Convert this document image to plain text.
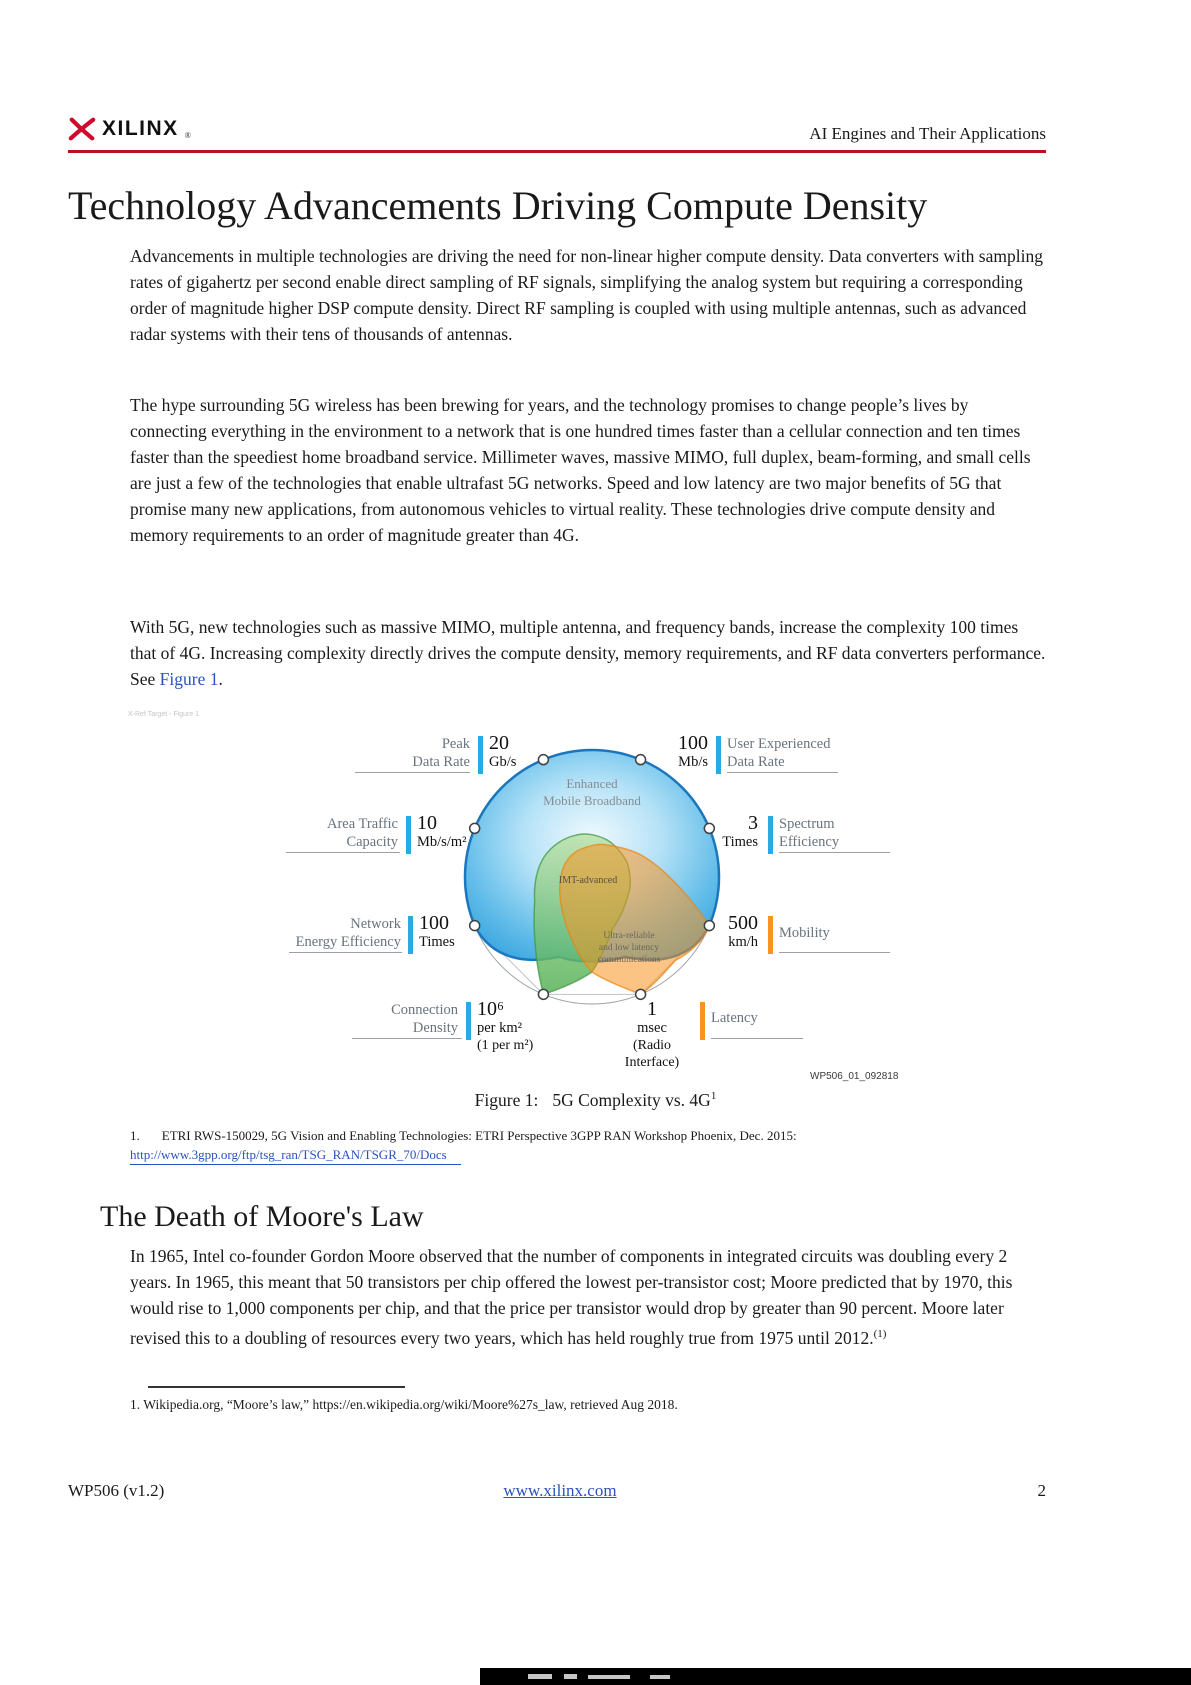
XILINX ®	AI Engines and Their Applications
Technology Advancements Driving Compute Density
Advancements in multiple technologies are driving the need for non-linear higher compute density. Data converters with sampling rates of gigahertz per second enable direct sampling of RF signals, simplifying the analog system but requiring a corresponding order of magnitude higher DSP compute density. Direct RF sampling is coupled with using multiple antennas, such as advanced radar systems with their tens of thousands of antennas.
The hype surrounding 5G wireless has been brewing for years, and the technology promises to change people’s lives by connecting everything in the environment to a network that is one hundred times faster than a cellular connection and ten times faster than the speediest home broadband service. Millimeter waves, massive MIMO, full duplex, beam-forming, and small cells are just a few of the technologies that enable ultrafast 5G networks. Speed and low latency are two major benefits of 5G that promise many new applications, from autonomous vehicles to virtual reality. These technologies drive compute density and memory requirements to an order of magnitude greater than 4G.
With 5G, new technologies such as massive MIMO, multiple antenna, and frequency bands, increase the complexity 100 times that of 4G. Increasing complexity directly drives the compute density, memory requirements, and RF data converters performance. See Figure 1.
X-Ref Target - Figure 1
Enhanced
Mobile Broadband
IMT-advanced
Ultra-reliable
and low latency
communications
Peak
Data Rate
20
Gb/s
100
Mb/s
User Experienced
Data Rate
Area Traffic
Capacity
10
Mb/s/m²
3
Times
Spectrum
Efficiency
Network
Energy Efficiency
100
Times
500
km/h
Mobility
Connection
Density
10⁶
per km²
(1 per m²)
1
msec
(Radio Interface)
Latency
WP506_01_092818
Figure 1: 5G Complexity vs. $4G^1$
1. ETRI RWS-150029, 5G Vision and Enabling Technologies: ETRI Perspective 3GPP RAN Workshop Phoenix, Dec. 2015:
http://www.3gpp.org/ftp/tsg_ran/TSG_RAN/TSGR_70/Docs
The Death of Moore's Law
In 1965, Intel co-founder Gordon Moore observed that the number of components in integrated circuits was doubling every 2 years. In 1965, this meant that 50 transistors per chip offered the lowest per-transistor cost; Moore predicted that by 1970, this would rise to 1,000 components per chip, and that the price per transistor would drop by greater than 90 percent. Moore later revised this to a doubling of resources every two years, which has held roughly true from 1975 until 2012.$^{(1)}$
1. Wikipedia.org, “Moore’s law,” https://en.wikipedia.org/wiki/Moore%27s_law, retrieved Aug 2018.
WP506 (v1.2)	www.xilinx.com	2
